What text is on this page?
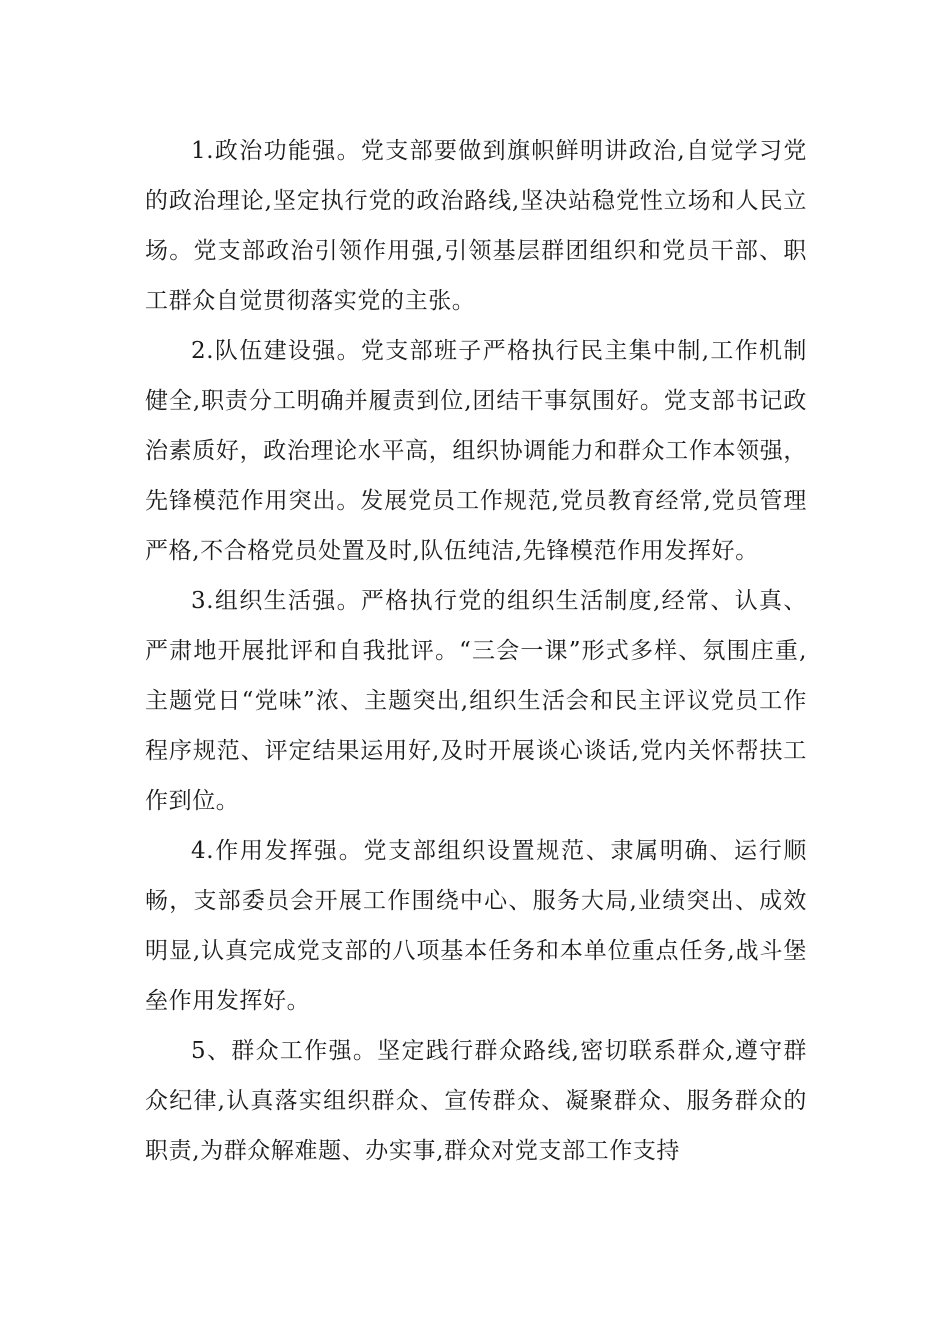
1.政治功能强。党支部要做到旗帜鲜明讲政治,自觉学习党的政治理论,坚定执行党的政治路线,坚决站稳党性立场和人民立场。党支部政治引领作用强,引领基层群团组织和党员干部、职工群众自觉贯彻落实党的主张。

2.队伍建设强。党支部班子严格执行民主集中制,工作机制健全,职责分工明确并履责到位,团结干事氛围好。党支部书记政治素质好，政治理论水平高，组织协调能力和群众工作本领强，先锋模范作用突出。发展党员工作规范,党员教育经常,党员管理严格,不合格党员处置及时,队伍纯洁,先锋模范作用发挥好。

3.组织生活强。严格执行党的组织生活制度,经常、认真、严肃地开展批评和自我批评。“三会一课”形式多样、氛围庄重,主题党日“党味”浓、主题突出,组织生活会和民主评议党员工作程序规范、评定结果运用好,及时开展谈心谈话,党内关怀帮扶工作到位。

4.作用发挥强。党支部组织设置规范、隶属明确、运行顺畅，支部委员会开展工作围绕中心、服务大局,业绩突出、成效明显,认真完成党支部的八项基本任务和本单位重点任务,战斗堡垒作用发挥好。

5、群众工作强。坚定践行群众路线,密切联系群众,遵守群众纪律,认真落实组织群众、宣传群众、凝聚群众、服务群众的职责,为群众解难题、办实事,群众对党支部工作支持
